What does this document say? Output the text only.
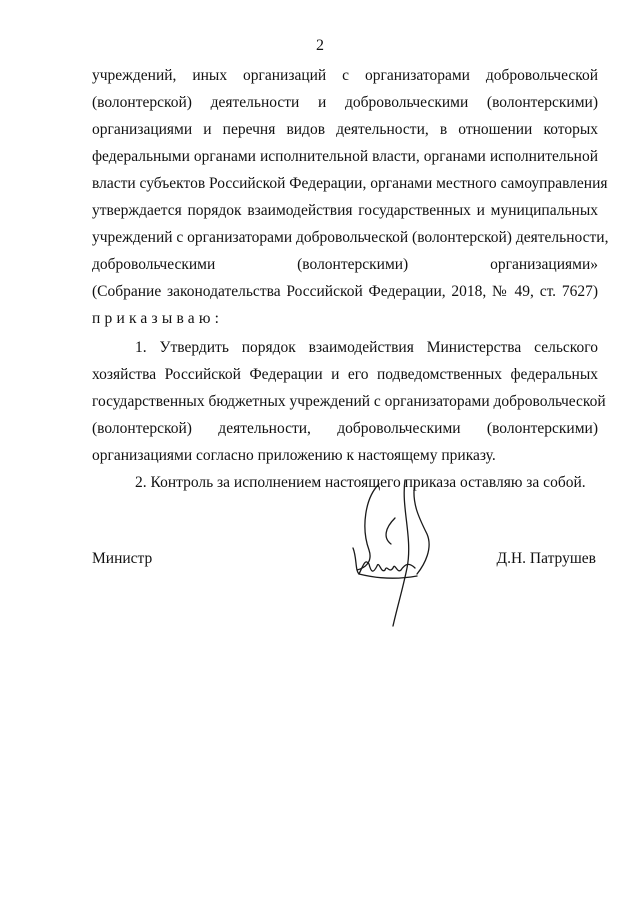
2
учреждений, иных организаций с организаторами добровольческой
(волонтерской) деятельности и добровольческими (волонтерскими)
организациями и перечня видов деятельности, в отношении которых
федеральными органами исполнительной власти, органами исполнительной
власти субъектов Российской Федерации, органами местного самоуправления
утверждается порядок взаимодействия государственных и муниципальных
учреждений с организаторами добровольческой (волонтерской) деятельности,
добровольческими (волонтерскими) организациями»
(Собрание законодательства Российской Федерации, 2018, № 49, ст. 7627)
приказываю:
1. Утвердить порядок взаимодействия Министерства сельского
хозяйства Российской Федерации и его подведомственных федеральных
государственных бюджетных учреждений с организаторами добровольческой
(волонтерской) деятельности, добровольческими (волонтерскими)
организациями согласно приложению к настоящему приказу.
2. Контроль за исполнением настоящего приказа оставляю за собой.
Министр	Д.Н. Патрушев
